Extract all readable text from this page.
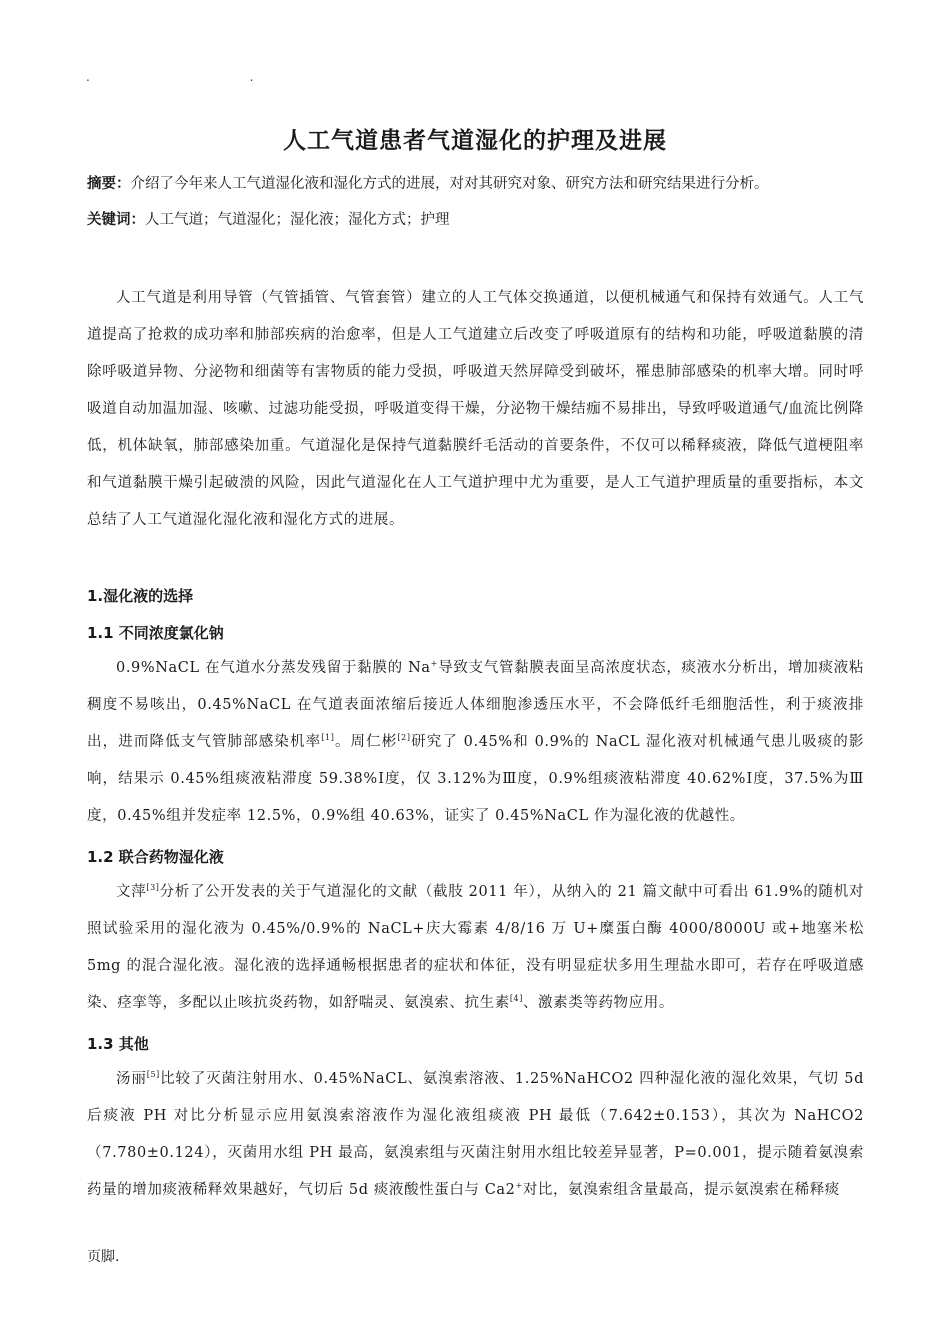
. .
人工气道患者气道湿化的护理及进展
摘要：介绍了今年来人工气道湿化液和湿化方式的进展，对对其研究对象、研究方法和研究结果进行分析。
关键词：人工气道；气道湿化；湿化液；湿化方式；护理

人工气道是利用导管（气管插管、气管套管）建立的人工气体交换通道，以便机械通气和保持有效通气。人工气道提高了抢救的成功率和肺部疾病的治愈率，但是人工气道建立后改变了呼吸道原有的结构和功能，呼吸道黏膜的清除呼吸道异物、分泌物和细菌等有害物质的能力受损，呼吸道天然屏障受到破坏，罹患肺部感染的机率大增。同时呼吸道自动加温加湿、咳嗽、过滤功能受损，呼吸道变得干燥，分泌物干燥结痂不易排出，导致呼吸道通气/血流比例降低，机体缺氧，肺部感染加重。气道湿化是保持气道黏膜纤毛活动的首要条件，不仅可以稀释痰液，降低气道梗阻率和气道黏膜干燥引起破溃的风险，因此气道湿化在人工气道护理中尤为重要，是人工气道护理质量的重要指标，本文总结了人工气道湿化湿化液和湿化方式的进展。

1.湿化液的选择
1.1 不同浓度氯化钠

0.9%NaCL 在气道水分蒸发残留于黏膜的 Na+导致支气管黏膜表面呈高浓度状态，痰液水分析出，增加痰液粘稠度不易咳出，0.45%NaCL 在气道表面浓缩后接近人体细胞渗透压水平，不会降低纤毛细胞活性，利于痰液排出，进而降低支气管肺部感染机率[1]。周仁彬[2]研究了 0.45%和 0.9%的 NaCL 湿化液对机械通气患儿吸痰的影响，结果示 0.45%组痰液粘滞度 59.38%Ⅰ度，仅 3.12%为Ⅲ度，0.9%组痰液粘滞度 40.62%Ⅰ度，37.5%为Ⅲ度，0.45%组并发症率 12.5%，0.9%组 40.63%，证实了 0.45%NaCL 作为湿化液的优越性。

1.2 联合药物湿化液

文萍[3]分析了公开发表的关于气道湿化的文献（截肢 2011 年），从纳入的 21 篇文献中可看出 61.9%的随机对照试验采用的湿化液为 0.45%/0.9%的 NaCL+庆大霉素 4/8/16 万 U+糜蛋白酶 4000/8000U 或+地塞米松 5mg 的混合湿化液。湿化液的选择通畅根据患者的症状和体征，没有明显症状多用生理盐水即可，若存在呼吸道感染、痉挛等，多配以止咳抗炎药物，如舒喘灵、氨溴索、抗生素[4]、激素类等药物应用。

1.3 其他

汤丽[5]比较了灭菌注射用水、0.45%NaCL、氨溴索溶液、1.25%NaHCO2 四种湿化液的湿化效果，气切 5d 后痰液 PH 对比分析显示应用氨溴索溶液作为湿化液组痰液 PH 最低（7.642±0.153），其次为 NaHCO2（7.780±0.124），灭菌用水组 PH 最高，氨溴索组与灭菌注射用水组比较差异显著，P=0.001，提示随着氨溴索药量的增加痰液稀释效果越好，气切后 5d 痰液酸性蛋白与 Ca2+对比，氨溴索组含量最高，提示氨溴索在稀释痰

页脚.
